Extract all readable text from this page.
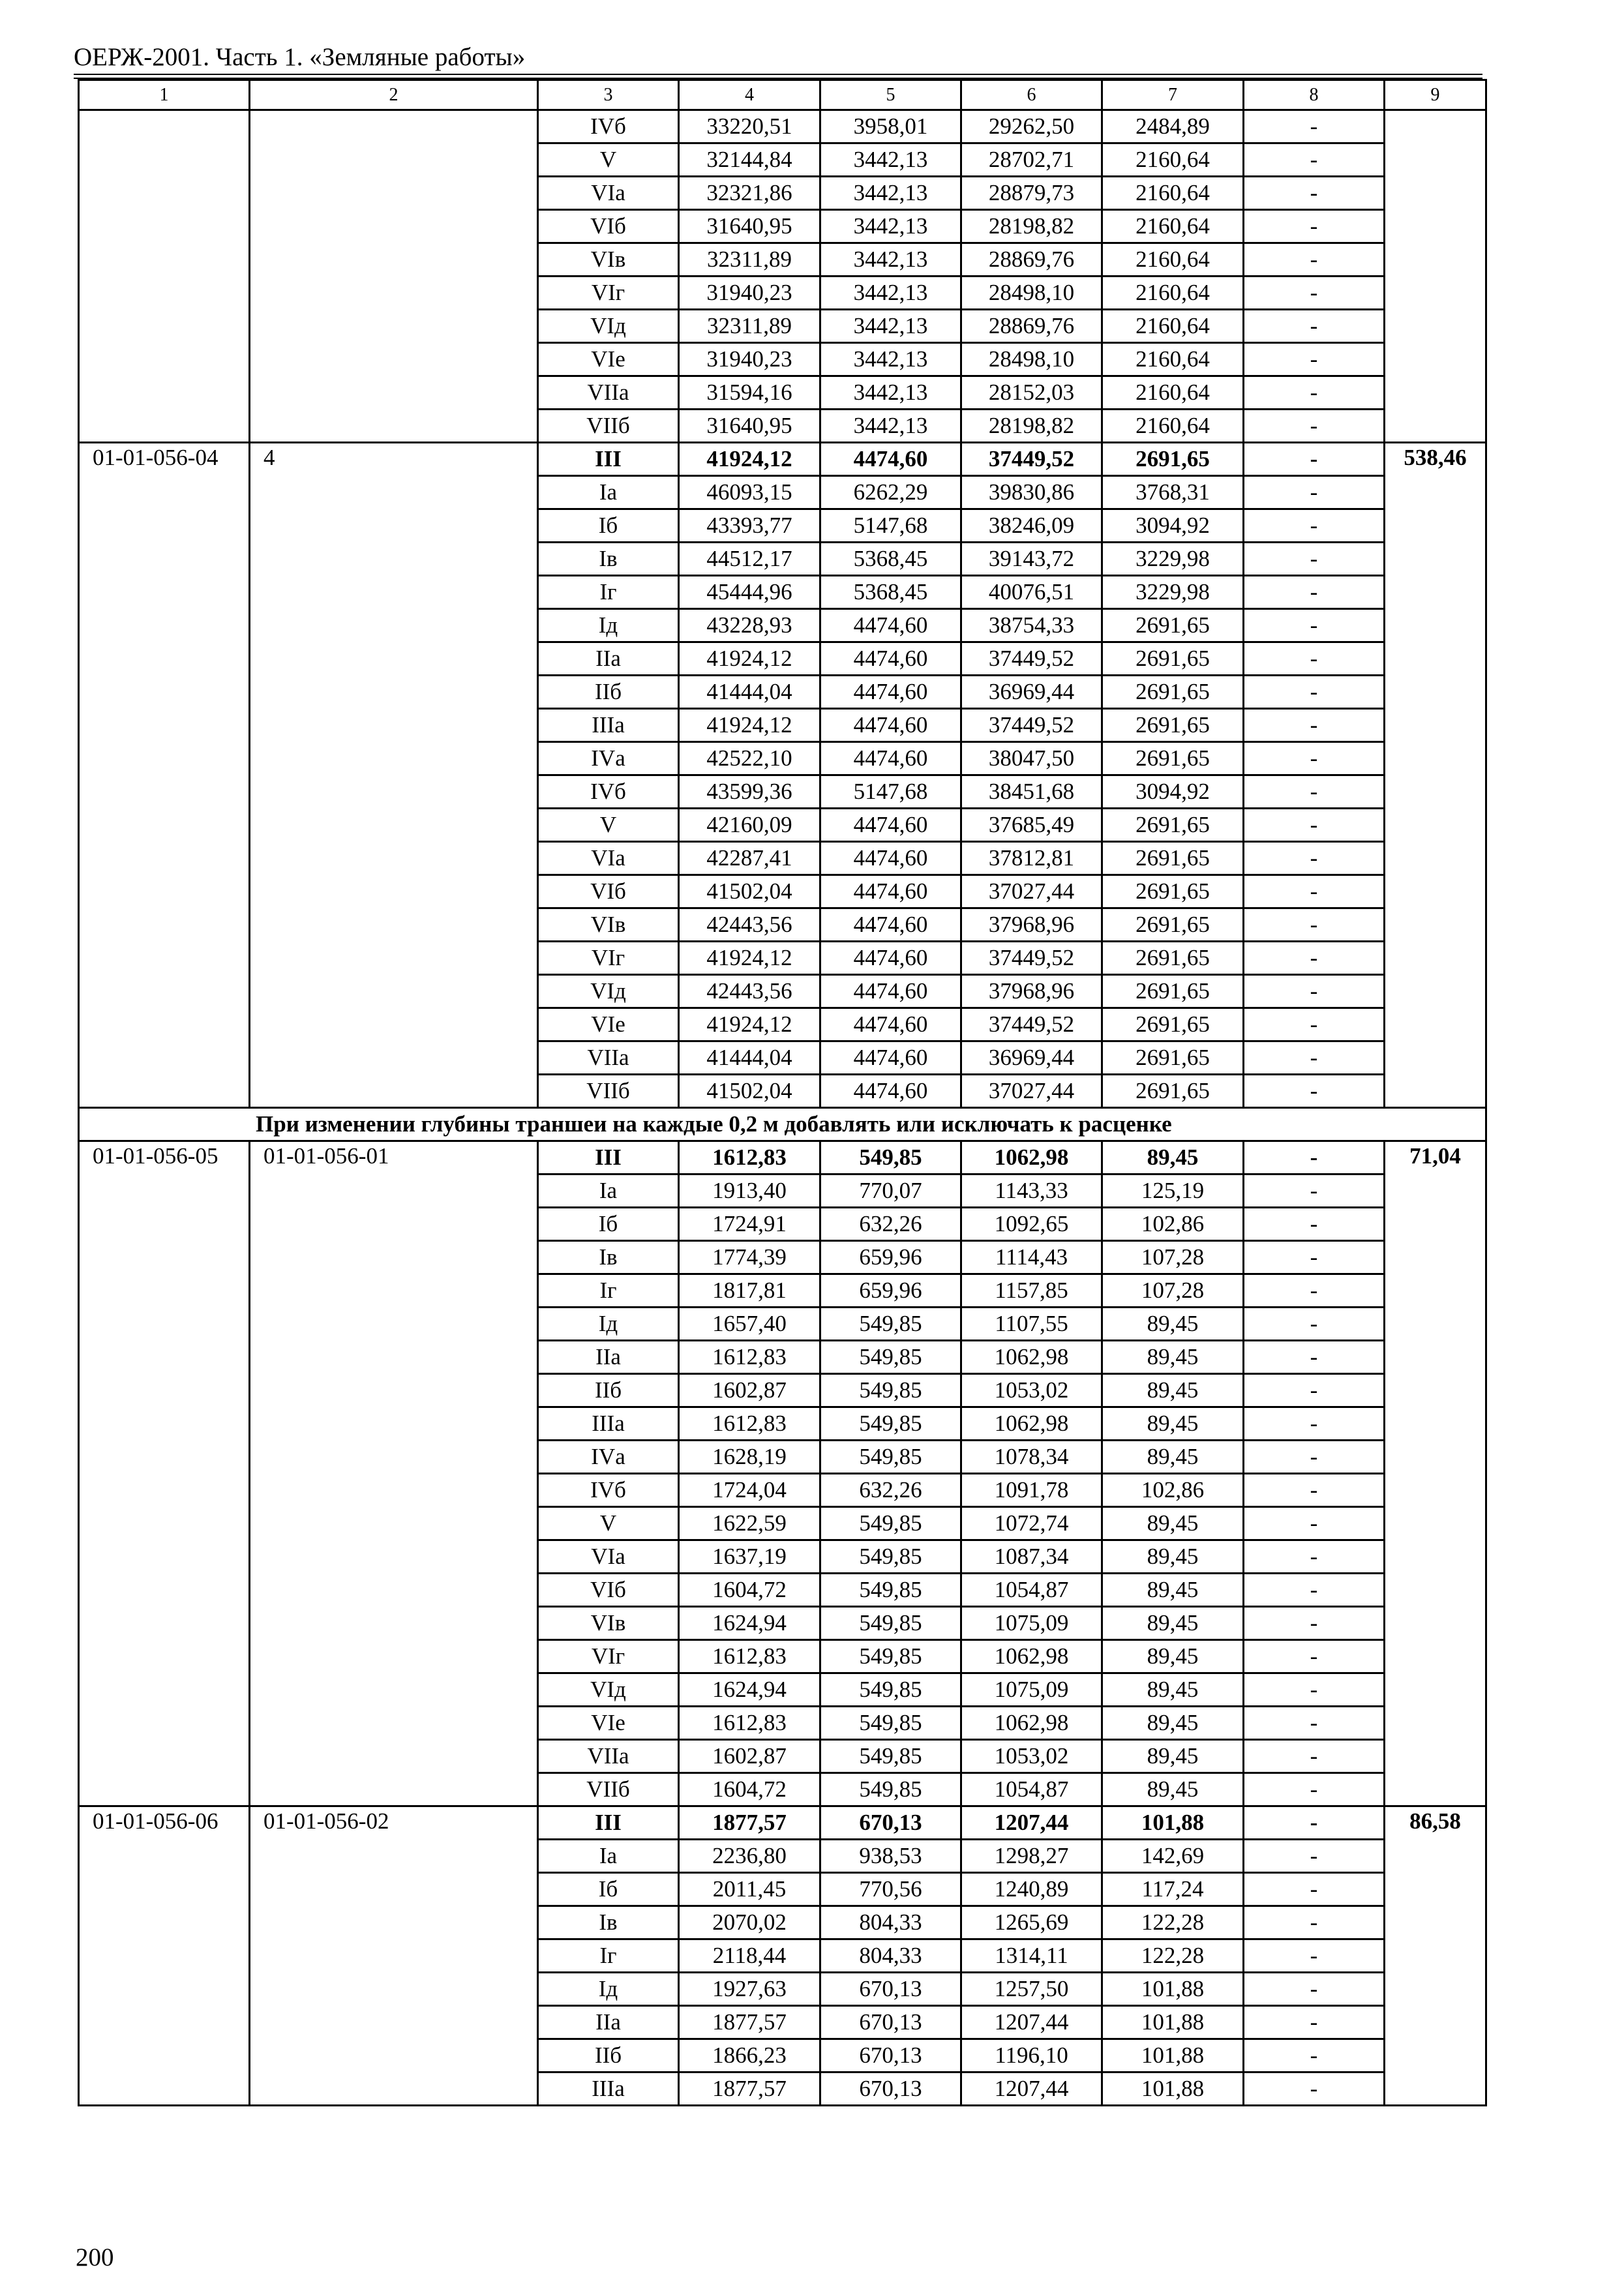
ОЕРЖ-2001. Часть 1. «Земляные работы»
1	2	3	4	5	6	7	8	9
		IVб	33220,51	3958,01	29262,50	2484,89	-	
		V	32144,84	3442,13	28702,71	2160,64	-	
		VIа	32321,86	3442,13	28879,73	2160,64	-	
		VIб	31640,95	3442,13	28198,82	2160,64	-	
		VIв	32311,89	3442,13	28869,76	2160,64	-	
		VIг	31940,23	3442,13	28498,10	2160,64	-	
		VIд	32311,89	3442,13	28869,76	2160,64	-	
		VIе	31940,23	3442,13	28498,10	2160,64	-	
		VIIа	31594,16	3442,13	28152,03	2160,64	-	
		VIIб	31640,95	3442,13	28198,82	2160,64	-	
01-01-056-04	4	III	41924,12	4474,60	37449,52	2691,65	-	538,46
		Iа	46093,15	6262,29	39830,86	3768,31	-	
		Iб	43393,77	5147,68	38246,09	3094,92	-	
		Iв	44512,17	5368,45	39143,72	3229,98	-	
		Iг	45444,96	5368,45	40076,51	3229,98	-	
		Iд	43228,93	4474,60	38754,33	2691,65	-	
		IIа	41924,12	4474,60	37449,52	2691,65	-	
		IIб	41444,04	4474,60	36969,44	2691,65	-	
		IIIа	41924,12	4474,60	37449,52	2691,65	-	
		IVа	42522,10	4474,60	38047,50	2691,65	-	
		IVб	43599,36	5147,68	38451,68	3094,92	-	
		V	42160,09	4474,60	37685,49	2691,65	-	
		VIа	42287,41	4474,60	37812,81	2691,65	-	
		VIб	41502,04	4474,60	37027,44	2691,65	-	
		VIв	42443,56	4474,60	37968,96	2691,65	-	
		VIг	41924,12	4474,60	37449,52	2691,65	-	
		VIд	42443,56	4474,60	37968,96	2691,65	-	
		VIе	41924,12	4474,60	37449,52	2691,65	-	
		VIIа	41444,04	4474,60	36969,44	2691,65	-	
		VIIб	41502,04	4474,60	37027,44	2691,65	-	
При изменении глубины траншеи на каждые 0,2 м добавлять или исключать к расценке								
01-01-056-05	01-01-056-01	III	1612,83	549,85	1062,98	89,45	-	71,04
		Iа	1913,40	770,07	1143,33	125,19	-	
		Iб	1724,91	632,26	1092,65	102,86	-	
		Iв	1774,39	659,96	1114,43	107,28	-	
		Iг	1817,81	659,96	1157,85	107,28	-	
		Iд	1657,40	549,85	1107,55	89,45	-	
		IIа	1612,83	549,85	1062,98	89,45	-	
		IIб	1602,87	549,85	1053,02	89,45	-	
		IIIа	1612,83	549,85	1062,98	89,45	-	
		IVа	1628,19	549,85	1078,34	89,45	-	
		IVб	1724,04	632,26	1091,78	102,86	-	
		V	1622,59	549,85	1072,74	89,45	-	
		VIа	1637,19	549,85	1087,34	89,45	-	
		VIб	1604,72	549,85	1054,87	89,45	-	
		VIв	1624,94	549,85	1075,09	89,45	-	
		VIг	1612,83	549,85	1062,98	89,45	-	
		VIд	1624,94	549,85	1075,09	89,45	-	
		VIе	1612,83	549,85	1062,98	89,45	-	
		VIIа	1602,87	549,85	1053,02	89,45	-	
		VIIб	1604,72	549,85	1054,87	89,45	-	
01-01-056-06	01-01-056-02	III	1877,57	670,13	1207,44	101,88	-	86,58
		Iа	2236,80	938,53	1298,27	142,69	-	
		Iб	2011,45	770,56	1240,89	117,24	-	
		Iв	2070,02	804,33	1265,69	122,28	-	
		Iг	2118,44	804,33	1314,11	122,28	-	
		Iд	1927,63	670,13	1257,50	101,88	-	
		IIа	1877,57	670,13	1207,44	101,88	-	
		IIб	1866,23	670,13	1196,10	101,88	-	
		IIIа	1877,57	670,13	1207,44	101,88	-	
200
